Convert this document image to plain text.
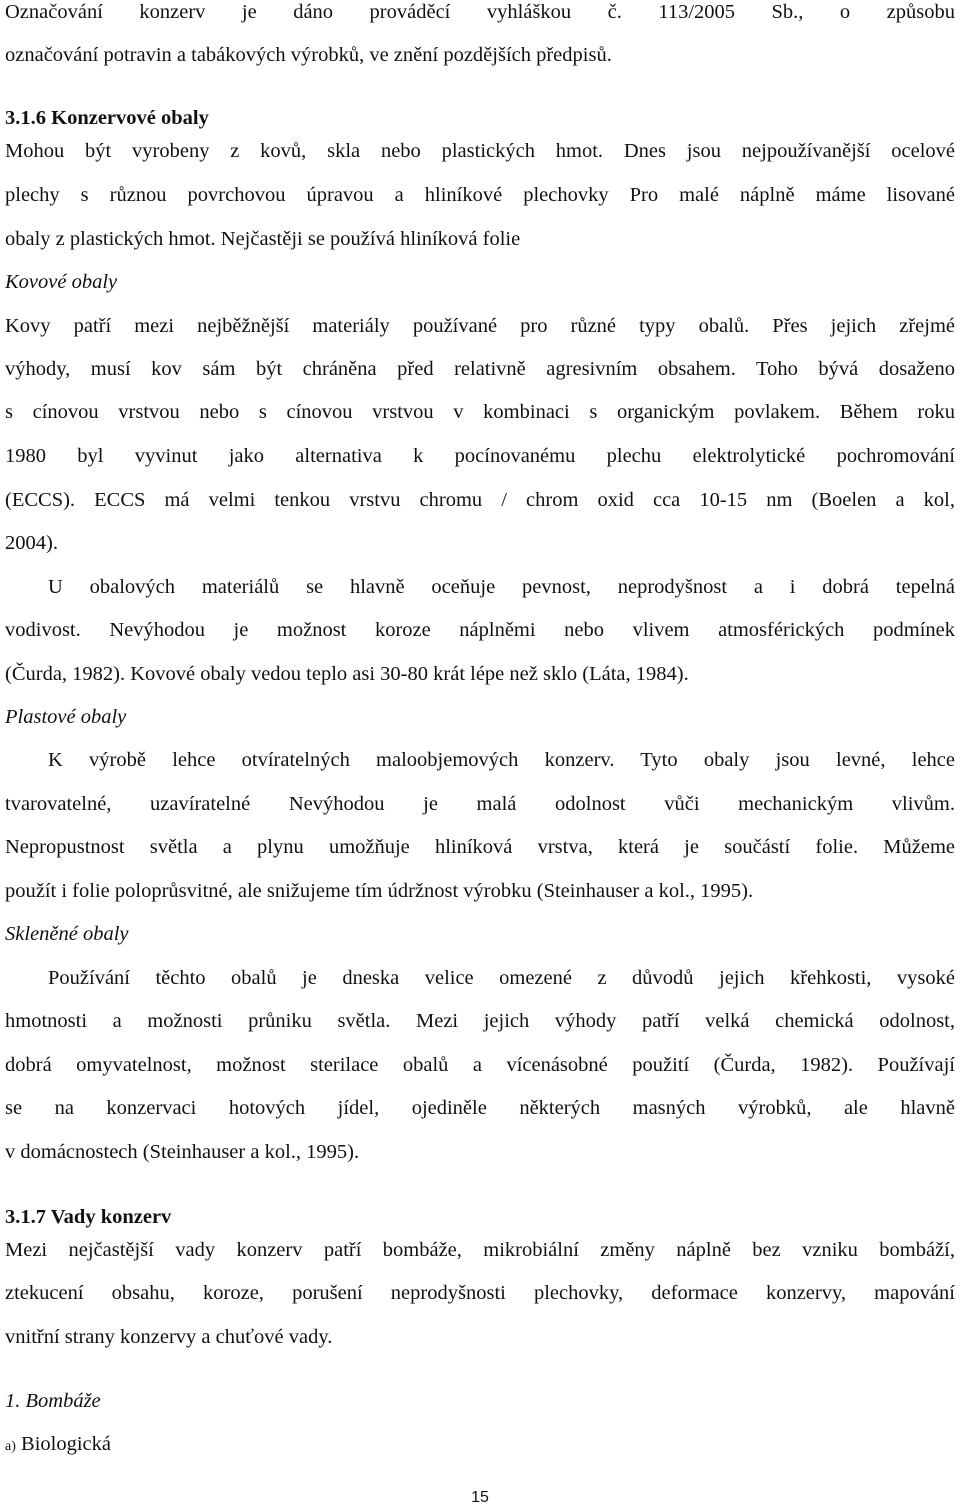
Označování konzerv je dáno prováděcí vyhláškou č. 113/2005 Sb., o způsobu
označování potravin a tabákových výrobků, ve znění pozdějších předpisů.
3.1.6 Konzervové obaly
Mohou být vyrobeny z kovů, skla nebo plastických hmot. Dnes jsou nejpoužívanější ocelové
plechy s různou povrchovou úpravou a hliníkové plechovky Pro malé náplně máme lisované
obaly z plastických hmot. Nejčastěji se používá hliníková folie
Kovové obaly
Kovy patří mezi nejběžnější materiály používané pro různé typy obalů. Přes jejich zřejmé
výhody, musí kov sám být chráněna před relativně agresivním obsahem. Toho bývá dosaženo
s cínovou vrstvou nebo s cínovou vrstvou v kombinaci s organickým povlakem. Během roku
1980 byl vyvinut jako alternativa k pocínovanému plechu elektrolytické pochromování
(ECCS). ECCS má velmi tenkou vrstvu chromu / chrom oxid cca 10-15 nm (Boelen a kol,
2004).
U obalových materiálů se hlavně oceňuje pevnost, neprodyšnost a i dobrá tepelná
vodivost. Nevýhodou je možnost koroze náplněmi nebo vlivem atmosférických podmínek
(Čurda, 1982). Kovové obaly vedou teplo asi 30-80 krát lépe než sklo (Láta, 1984).
Plastové obaly
K výrobě lehce otvíratelných maloobjemových konzerv. Tyto obaly jsou levné, lehce
tvarovatelné, uzavíratelné Nevýhodou je malá odolnost vůči mechanickým vlivům.
Nepropustnost světla a plynu umožňuje hliníková vrstva, která je součástí folie. Můžeme
použít i folie poloprůsvitné, ale snižujeme tím údržnost výrobku (Steinhauser a kol., 1995).
Skleněné obaly
Používání těchto obalů je dneska velice omezené z důvodů jejich křehkosti, vysoké
hmotnosti a možnosti průniku světla. Mezi jejich výhody patří velká chemická odolnost,
dobrá omyvatelnost, možnost sterilace obalů a vícenásobné použití (Čurda, 1982). Používají
se na konzervaci hotových jídel, ojediněle některých masných výrobků, ale hlavně
v domácnostech (Steinhauser a kol., 1995).
3.1.7 Vady konzerv
Mezi nejčastější vady konzerv patří bombáže, mikrobiální změny náplně bez vzniku bombáží,
ztekucení obsahu, koroze, porušení neprodyšnosti plechovky, deformace konzervy, mapování
vnitřní strany konzervy a chuťové vady.
1. Bombáže
a) Biologická
15
